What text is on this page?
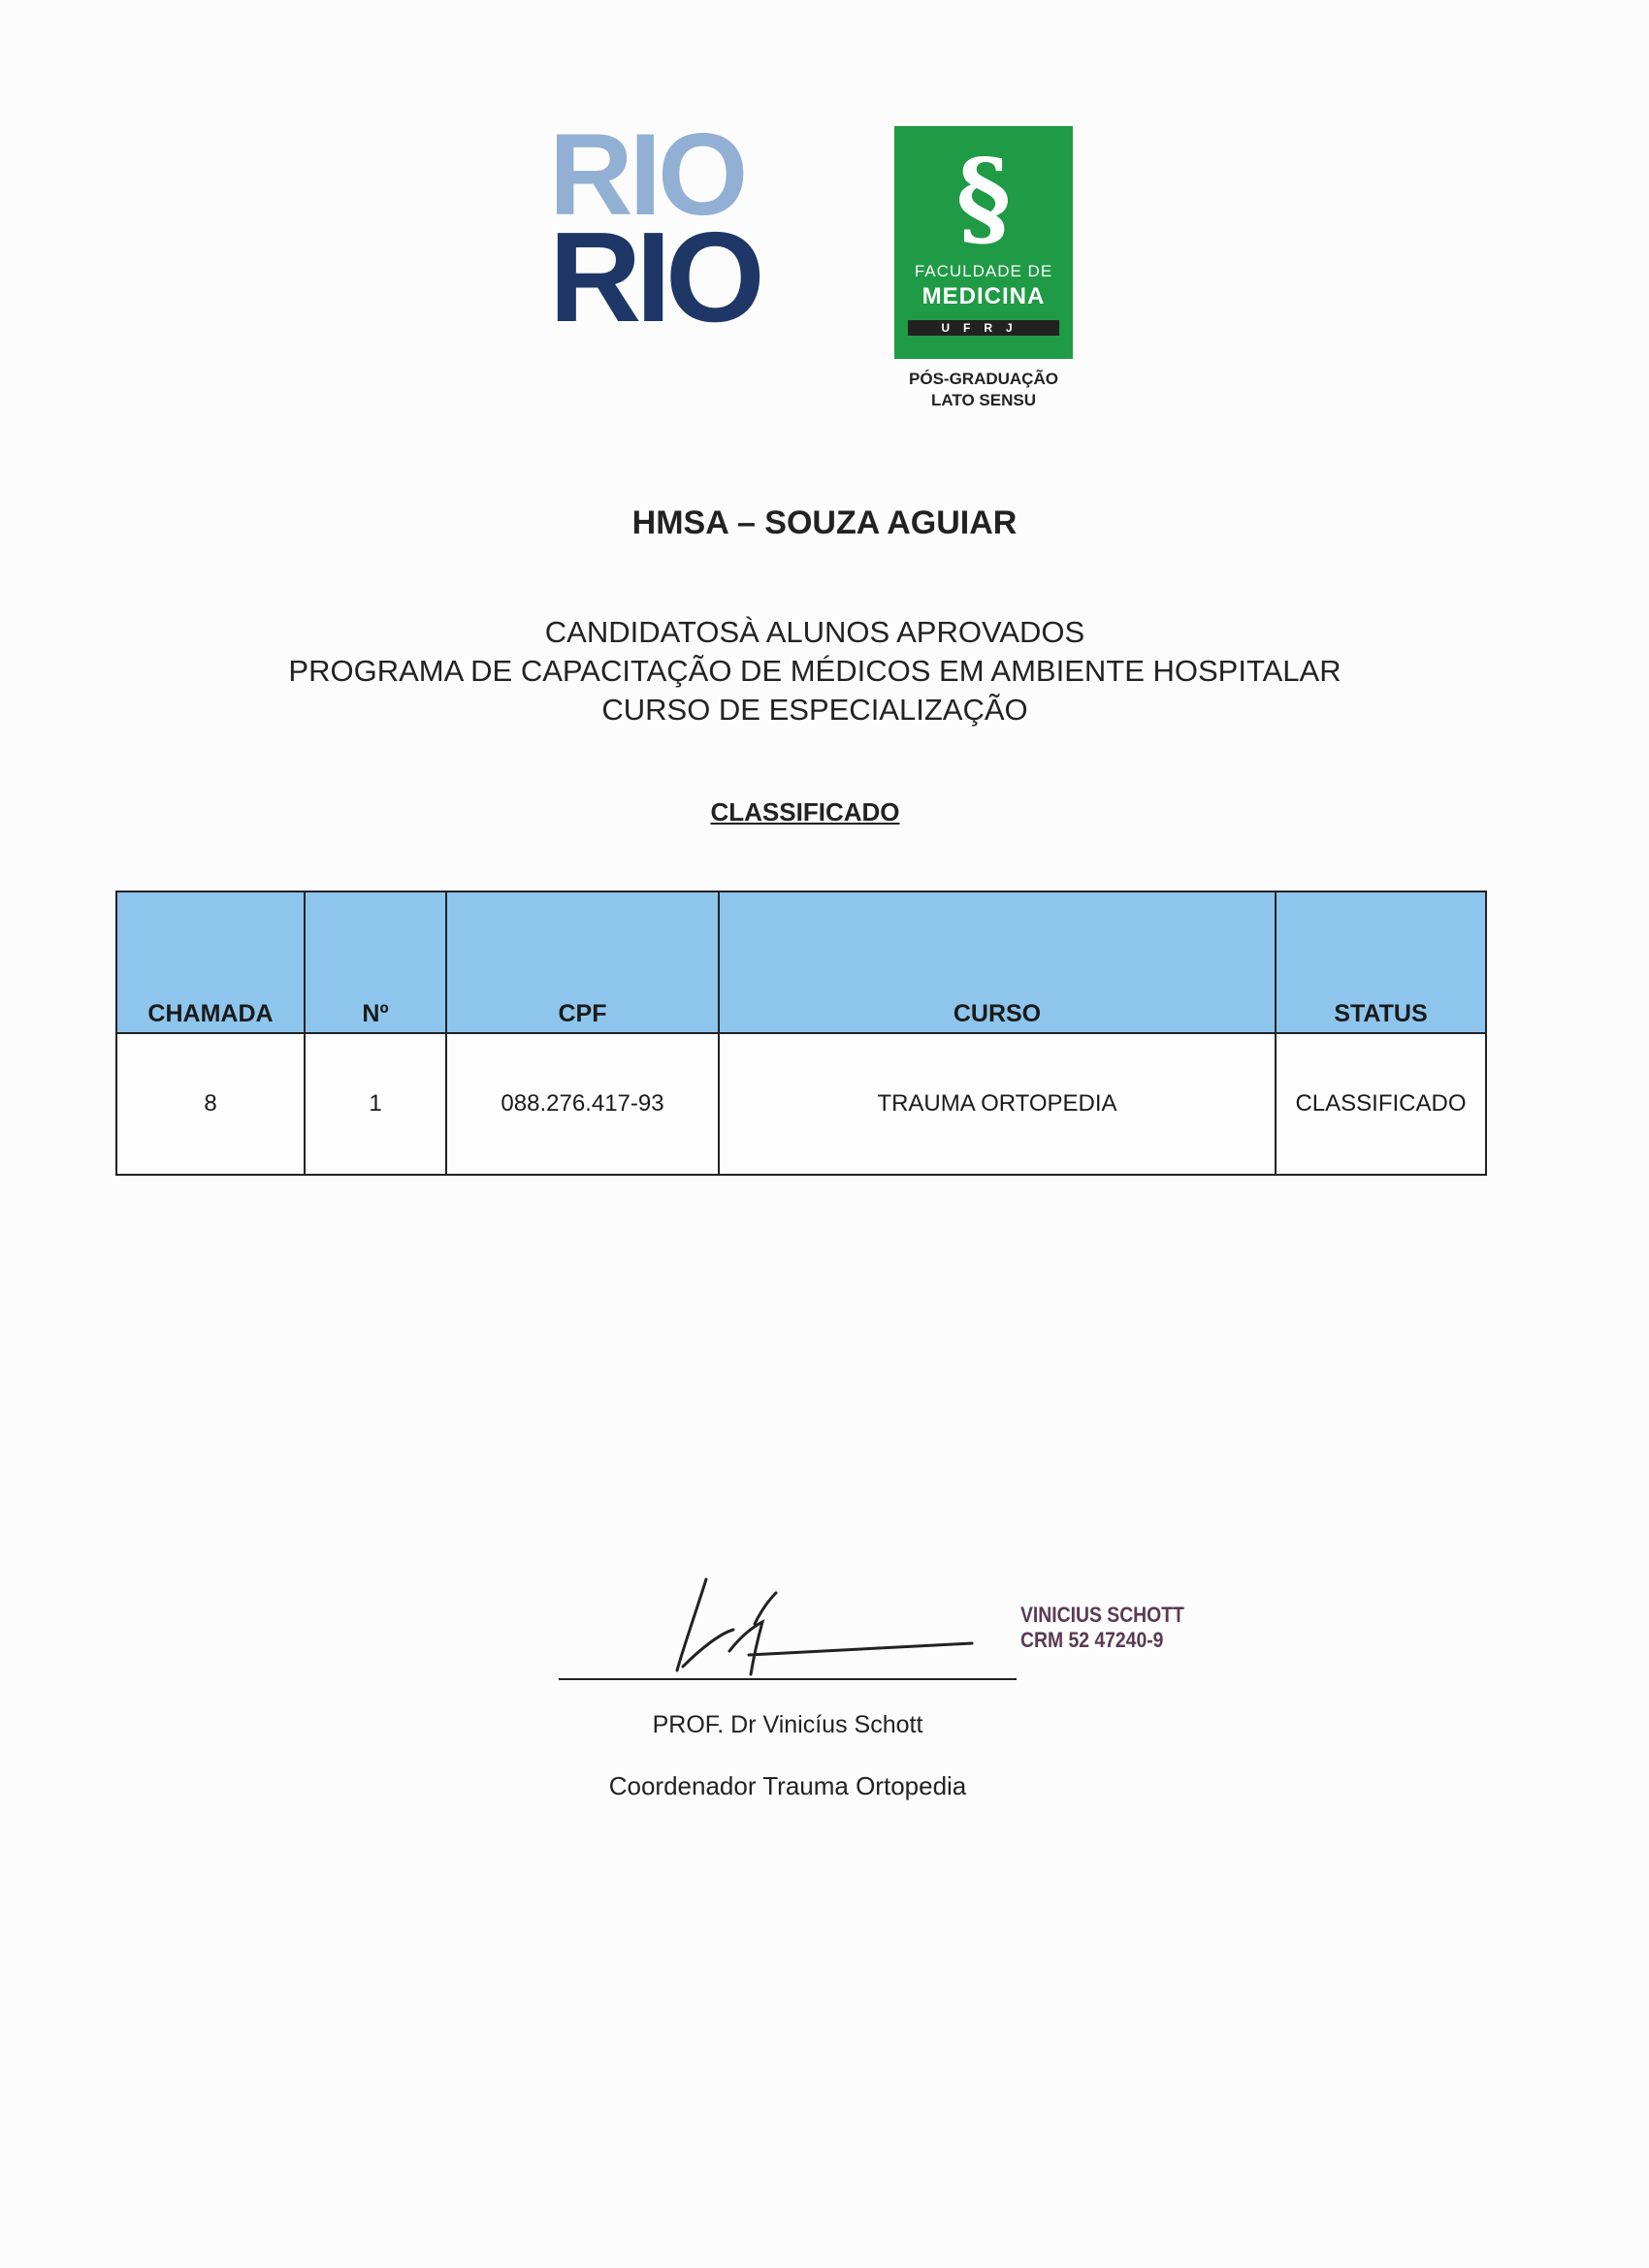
RIO
RIO
§
FACULDADE DE
MEDICINA
UFRJ
PÓS-GRADUAÇÃO
LATO SENSU
HMSA – SOUZA AGUIAR
CANDIDATOSÀ ALUNOS APROVADOS
PROGRAMA DE CAPACITAÇÃO DE MÉDICOS EM AMBIENTE HOSPITALAR
CURSO DE ESPECIALIZAÇÃO
CLASSIFICADO
CHAMADA	Nº	CPF	CURSO	STATUS
8	1	088.276.417-93	TRAUMA ORTOPEDIA	CLASSIFICADO
VINICIUS SCHOTT
CRM 52 47240-9
PROF. Dr Vinicíus Schott
Coordenador Trauma Ortopedia
